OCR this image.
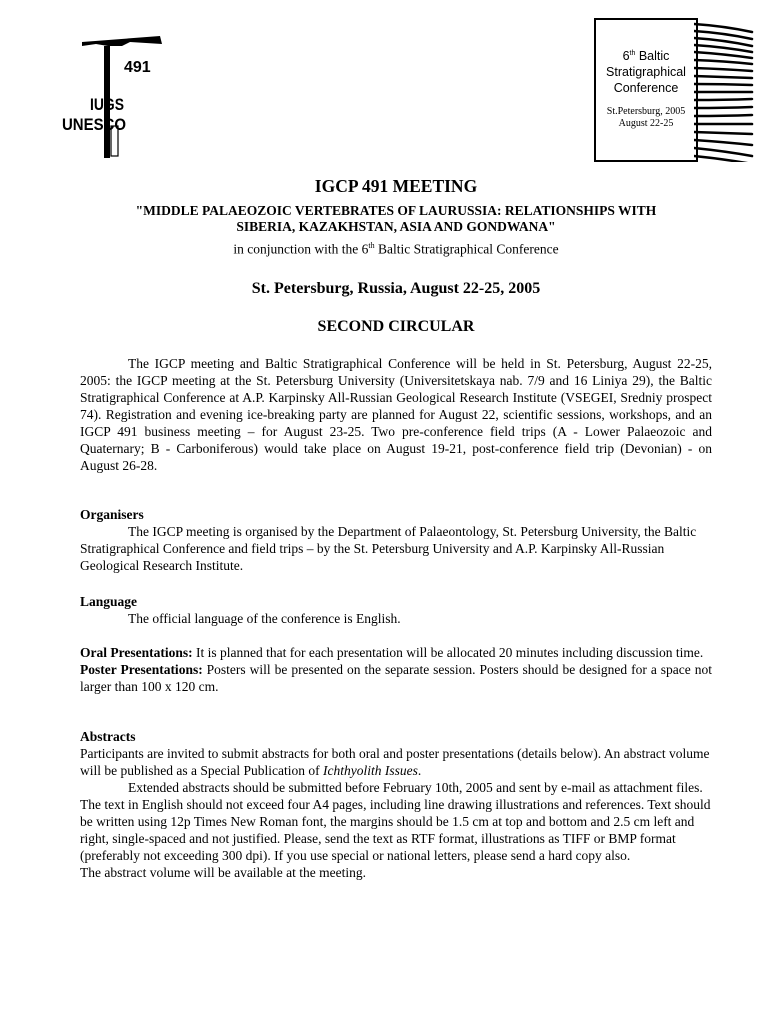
491
IUGS
UNESCO
6th Baltic
Stratigraphical
Conference
St.Petersburg, 2005
August 22-25
IGCP 491 MEETING
"MIDDLE PALAEOZOIC VERTEBRATES OF LAURUSSIA: RELATIONSHIPS WITH
SIBERIA, KAZAKHSTAN, ASIA AND GONDWANA"
in conjunction with the 6th Baltic Stratigraphical Conference
St. Petersburg, Russia, August 22-25, 2005
SECOND CIRCULAR

The IGCP meeting and Baltic Stratigraphical Conference will be held in St. Petersburg, August 22-25, 2005: the IGCP meeting at the St. Petersburg University (Universitetskaya nab. 7/9 and 16 Liniya 29), the Baltic Stratigraphical Conference at A.P. Karpinsky All-Russian Geological Research Institute (VSEGEI, Sredniy prospect 74). Registration and evening ice-breaking party are planned for August 22, scientific sessions, workshops, and an IGCP 491 business meeting – for August 23-25. Two pre-conference field trips (A - Lower Palaeozoic and Quaternary; B - Carboniferous) would take place on August 19-21, post-conference field trip (Devonian) - on August 26-28.

Organisers

The IGCP meeting is organised by the Department of Palaeontology, St. Petersburg University, the Baltic Stratigraphical Conference and field trips – by the St. Petersburg University and A.P. Karpinsky All-Russian Geological Research Institute.

Language

The official language of the conference is English.

Oral Presentations: It is planned that for each presentation will be allocated 20 minutes including discussion time.

Poster Presentations: Posters will be presented on the separate session. Posters should be designed for a space not larger than 100 x 120 cm.

Abstracts

Participants are invited to submit abstracts for both oral and poster presentations (details below). An abstract volume will be published as a Special Publication of Ichthyolith Issues.

Extended abstracts should be submitted before February 10th, 2005 and sent by e-mail as attachment files. The text in English should not exceed four A4 pages, including line drawing illustrations and references. Text should be written using 12p Times New Roman font, the margins should be 1.5 cm at top and bottom and 2.5 cm left and right, single-spaced and not justified. Please, send the text as RTF format, illustrations as TIFF or BMP format (preferably not exceeding 300 dpi). If you use special or national letters, please send a hard copy also.

The abstract volume will be available at the meeting.
